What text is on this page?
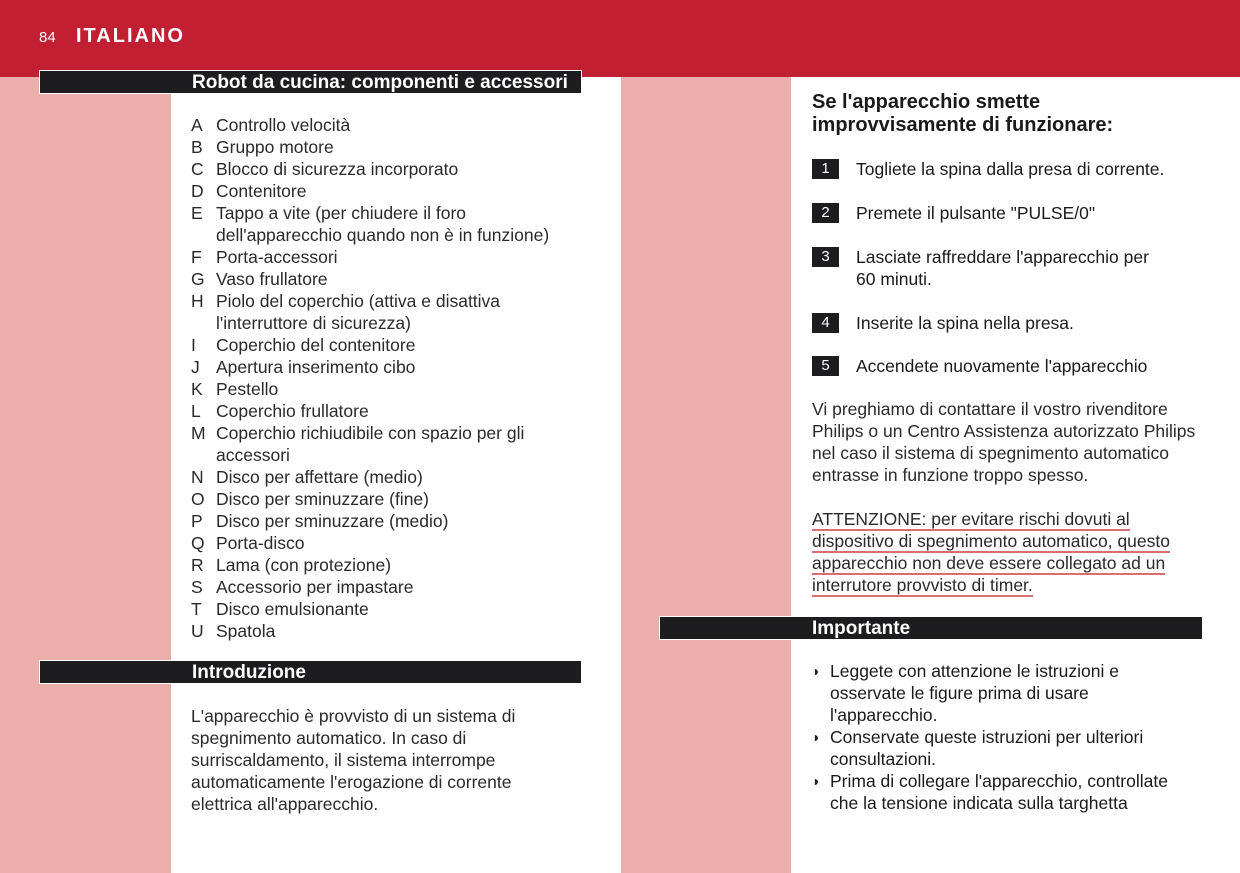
84 ITALIANO
Robot da cucina: componenti e accessori
A Controllo velocità
B Gruppo motore
C Blocco di sicurezza incorporato
D Contenitore
E Tappo a vite (per chiudere il foro dell'apparecchio quando non è in funzione)
F Porta-accessori
G Vaso frullatore
H Piolo del coperchio (attiva e disattiva l'interruttore di sicurezza)
I Coperchio del contenitore
J Apertura inserimento cibo
K Pestello
L Coperchio frullatore
M Coperchio richiudibile con spazio per gli accessori
N Disco per affettare (medio)
O Disco per sminuzzare (fine)
P Disco per sminuzzare (medio)
Q Porta-disco
R Lama (con protezione)
S Accessorio per impastare
T Disco emulsionante
U Spatola
Introduzione

L'apparecchio è provvisto di un sistema di spegnimento automatico. In caso di surriscaldamento, il sistema interrompe automaticamente l'erogazione di corrente elettrica all'apparecchio.

Se l'apparecchio smette improvvisamente di funzionare:
1	Togliete la spina dalla presa di corrente.
2	Premete il pulsante "PULSE/0"
3	Lasciate raffreddare l'apparecchio per 60 minuti.
4	Inserite la spina nella presa.
5	Accendete nuovamente l'apparecchio

Vi preghiamo di contattare il vostro rivenditore Philips o un Centro Assistenza autorizzato Philips nel caso il sistema di spegnimento automatico entrasse in funzione troppo spesso.

ATTENZIONE: per evitare rischi dovuti al dispositivo di spegnimento automatico, questo apparecchio non deve essere collegato ad un interrutore provvisto di timer.
Importante
◗ Leggete con attenzione le istruzioni e osservate le figure prima di usare l'apparecchio.
◗ Conservate queste istruzioni per ulteriori consultazioni.
◗ Prima di collegare l'apparecchio, controllate che la tensione indicata sulla targhetta
